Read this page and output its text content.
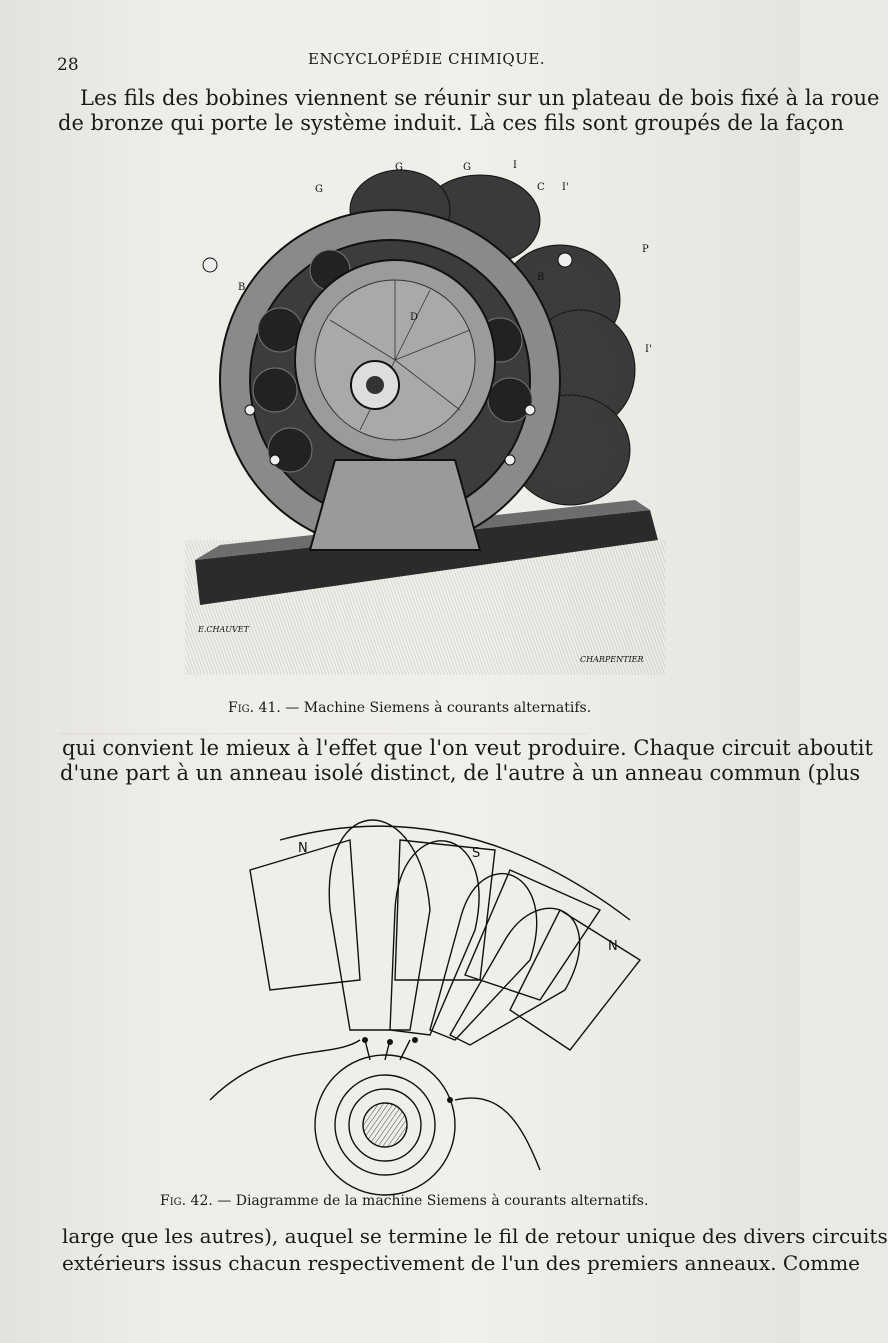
______________________________________________________________
28	ENCYCLOPÉDIE CHIMIQUE.
Les fils des bobines viennent se réunir sur un plateau de bois fixé à la roue
de bronze qui porte le système induit. Là ces fils sont groupés de la façon
G
G	G	I
C I'
B
B
D
P
I'
E.CHAUVET
CHARPENTIER
Fig. 41. — Machine Siemens à courants alternatifs.
qui convient le mieux à l'effet que l'on veut produire. Chaque circuit aboutit
d'une part à un anneau isolé distinct, de l'autre à un anneau commun (plus
N	S
N
Fig. 42. — Diagramme de la machine Siemens à courants alternatifs.
large que les autres), auquel se termine le fil de retour unique des divers circuits
extérieurs issus chacun respectivement de l'un des premiers anneaux. Comme
